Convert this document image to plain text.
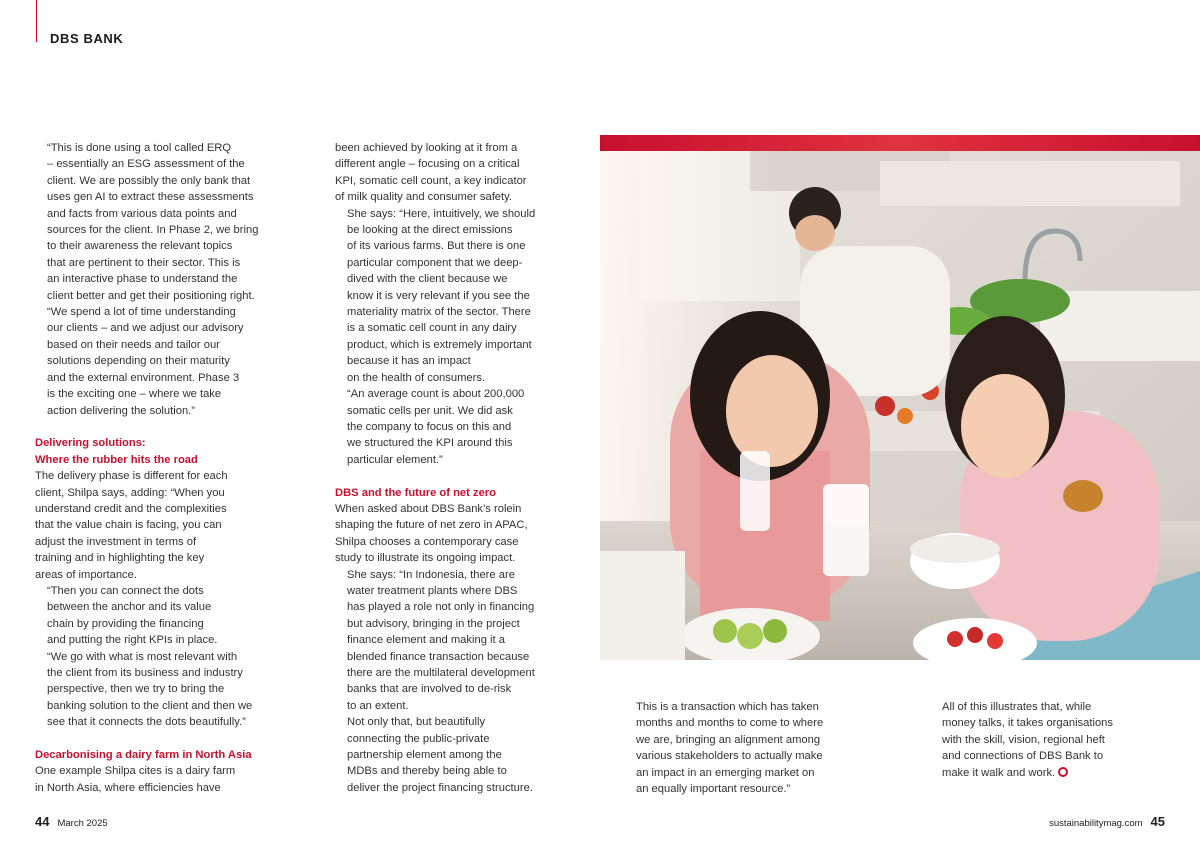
DBS BANK

“This is done using a tool called ERQ
– essentially an ESG assessment of the
client. We are possibly the only bank that
uses gen AI to extract these assessments
and facts from various data points and
sources for the client. In Phase 2, we bring
to their awareness the relevant topics
that are pertinent to their sector. This is
an interactive phase to understand the
client better and get their positioning right.

“We spend a lot of time understanding
our clients – and we adjust our advisory
based on their needs and tailor our
solutions depending on their maturity
and the external environment. Phase 3
is the exciting one – where we take
action delivering the solution.”

Delivering solutions:
Where the rubber hits the road

The delivery phase is different for each
client, Shilpa says, adding: “When you
understand credit and the complexities
that the value chain is facing, you can
adjust the investment in terms of
training and in highlighting the key
areas of importance.

“Then you can connect the dots
between the anchor and its value
chain by providing the financing
and putting the right KPIs in place.

“We go with what is most relevant with
the client from its business and industry
perspective, then we try to bring the
banking solution to the client and then we
see that it connects the dots beautifully.”

Decarbonising a dairy farm in North Asia

One example Shilpa cites is a dairy farm
in North Asia, where efficiencies have

been achieved by looking at it from a
different angle – focusing on a critical
KPI, somatic cell count, a key indicator
of milk quality and consumer safety.

She says: “Here, intuitively, we should
be looking at the direct emissions
of its various farms. But there is one
particular component that we deep-
dived with the client because we
know it is very relevant if you see the
materiality matrix of the sector. There
is a somatic cell count in any dairy
product, which is extremely important
because it has an impact
on the health of consumers.

“An average count is about 200,000
somatic cells per unit. We did ask
the company to focus on this and
we structured the KPI around this
particular element.”

DBS and the future of net zero

When asked about DBS Bank’s rolein
shaping the future of net zero in APAC,
Shilpa chooses a contemporary case
study to illustrate its ongoing impact.

She says: “In Indonesia, there are
water treatment plants where DBS
has played a role not only in financing
but advisory, bringing in the project
finance element and making it a
blended finance transaction because
there are the multilateral development
banks that are involved to de-risk
to an extent.

Not only that, but beautifully
connecting the public-private
partnership element among the
MDBs and thereby being able to
deliver the project financing structure.

This is a transaction which has taken
months and months to come to where
we are, bringing an alignment among
various stakeholders to actually make
an impact in an emerging market on
an equally important resource.”

All of this illustrates that, while
money talks, it takes organisations
with the skill, vision, regional heft
and connections of DBS Bank to
make it walk and work.

44 March 2025	sustainabilitymag.com 45
